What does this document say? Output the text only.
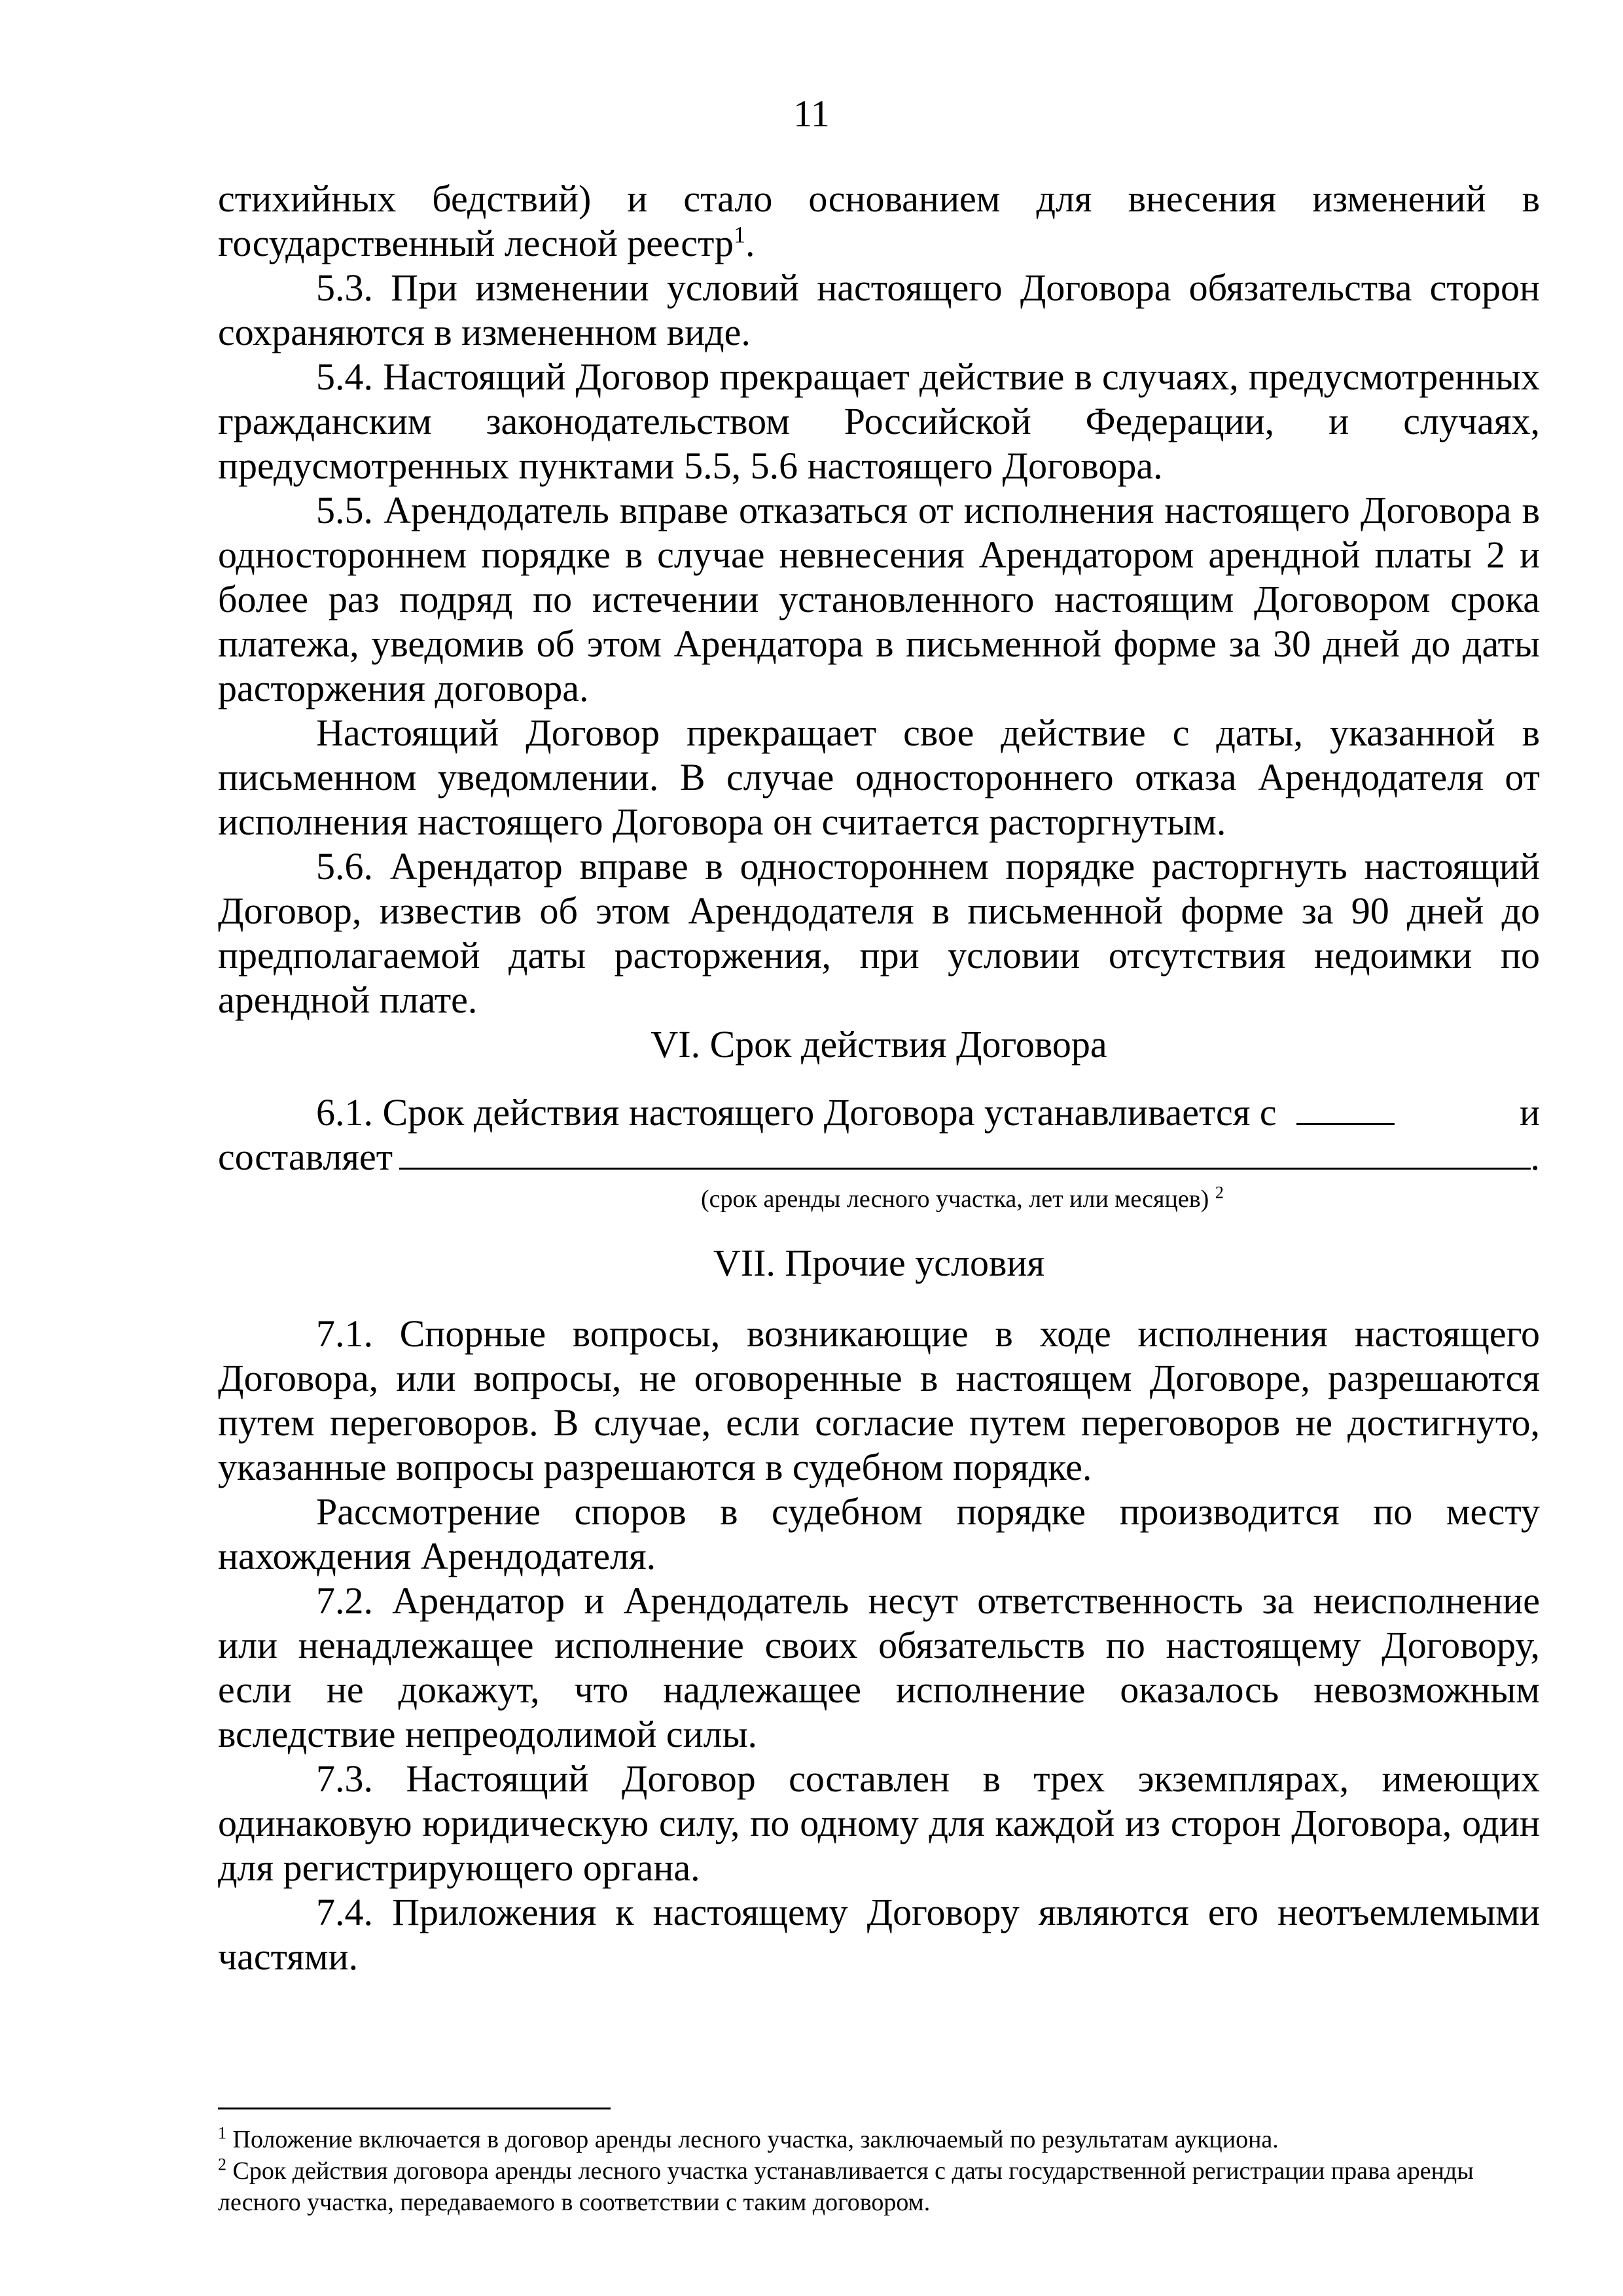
11

стихийных бедствий) и стало основанием для внесения изменений в государственный лесной реестр$^1$.

5.3. При изменении условий настоящего Договора обязательства сторон сохраняются в измененном виде.

5.4. Настоящий Договор прекращает действие в случаях, предусмотренных гражданским законодательством Российской Федерации, и случаях, предусмотренных пунктами 5.5, 5.6 настоящего Договора.

5.5. Арендодатель вправе отказаться от исполнения настоящего Договора в одностороннем порядке в случае невнесения Арендатором арендной платы 2 и более раз подряд по истечении установленного настоящим Договором срока платежа, уведомив об этом Арендатора в письменной форме за 30 дней до даты расторжения договора.

Настоящий Договор прекращает свое действие с даты, указанной в письменном уведомлении. В случае одностороннего отказа Арендодателя от исполнения настоящего Договора он считается расторгнутым.

5.6. Арендатор вправе в одностороннем порядке расторгнуть настоящий Договор, известив об этом Арендодателя в письменной форме за 90 дней до предполагаемой даты расторжения, при условии отсутствия недоимки по арендной плате.

VI. Срок действия Договора

6.1. Срок действия настоящего Договора устанавливается с	и

составляет	.

(срок аренды лесного участка, лет или месяцев) $^2$
VII. Прочие условия

7.1. Спорные вопросы, возникающие в ходе исполнения настоящего Договора, или вопросы, не оговоренные в настоящем Договоре, разрешаются путем переговоров. В случае, если согласие путем переговоров не достигнуто, указанные вопросы разрешаются в судебном порядке.

Рассмотрение споров в судебном порядке производится по месту нахождения Арендодателя.

7.2. Арендатор и Арендодатель несут ответственность за неисполнение или ненадлежащее исполнение своих обязательств по настоящему Договору, если не докажут, что надлежащее исполнение оказалось невозможным вследствие непреодолимой силы.

7.3. Настоящий Договор составлен в трех экземплярах, имеющих одинаковую юридическую силу, по одному для каждой из сторон Договора, один для регистрирующего органа.

7.4. Приложения к настоящему Договору являются его неотъемлемыми частями.

$^1$ Положение включается в договор аренды лесного участка, заключаемый по результатам аукциона.
$^2$ Срок действия договора аренды лесного участка устанавливается с даты государственной регистрации права аренды лесного участка, передаваемого в соответствии с таким договором.
